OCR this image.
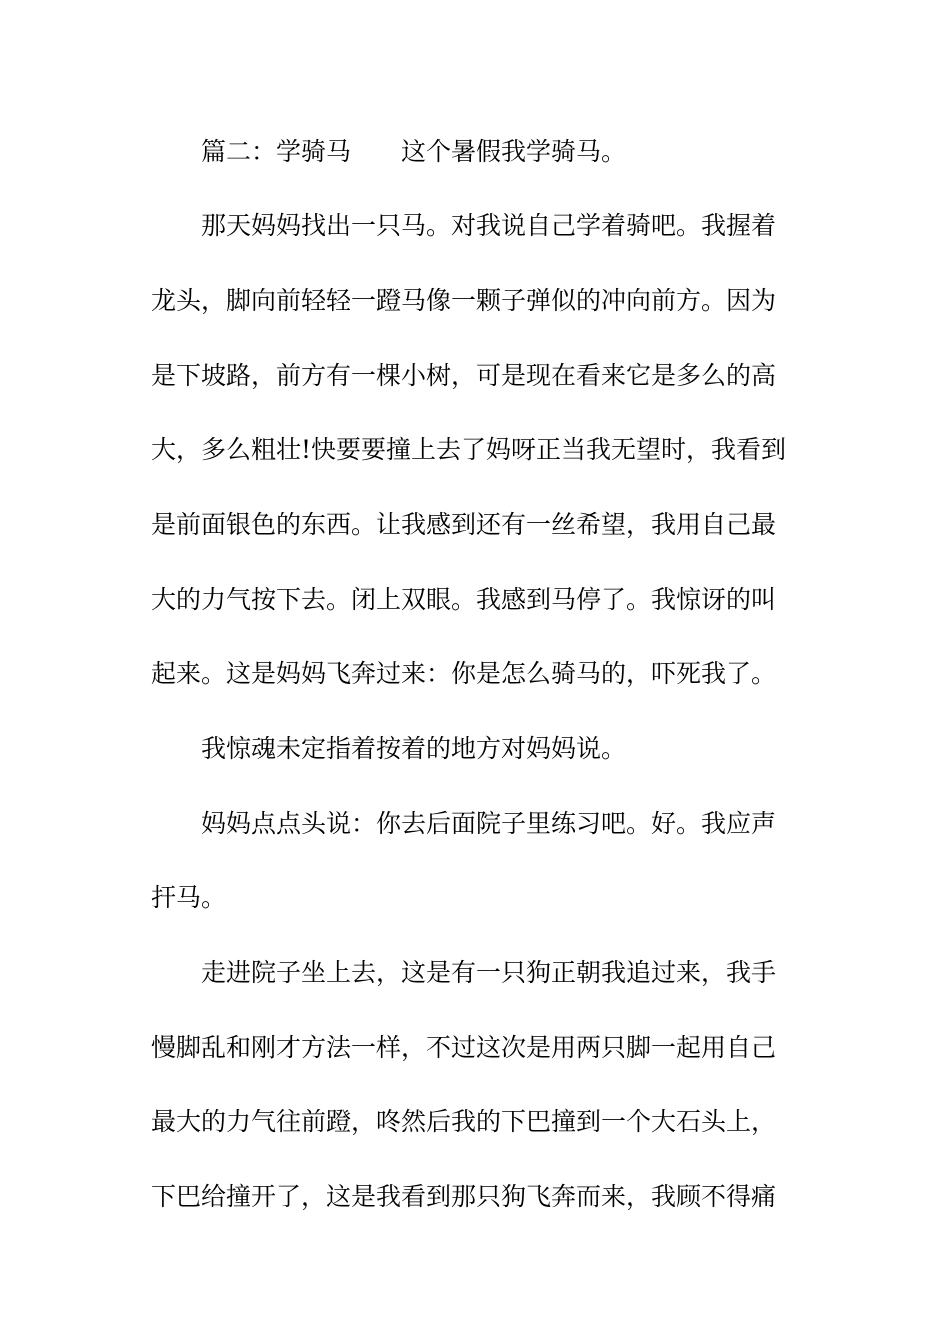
篇二：学骑马　　这个暑假我学骑马。
那天妈妈找出一只马。对我说自己学着骑吧。我握着
龙头，脚向前轻轻一蹬马像一颗子弹似的冲向前方。因为
是下坡路，前方有一棵小树，可是现在看来它是多么的高
大，多么粗壮!快要要撞上去了妈呀正当我无望时，我看到
是前面银色的东西。让我感到还有一丝希望，我用自己最
大的力气按下去。闭上双眼。我感到马停了。我惊讶的叫
起来。这是妈妈飞奔过来：你是怎么骑马的，吓死我了。
我惊魂未定指着按着的地方对妈妈说。
妈妈点点头说：你去后面院子里练习吧。好。我应声
扞马。
走进院子坐上去，这是有一只狗正朝我追过来，我手
慢脚乱和刚才方法一样，不过这次是用两只脚一起用自己
最大的力气往前蹬，咚然后我的下巴撞到一个大石头上，
下巴给撞开了，这是我看到那只狗飞奔而来，我顾不得痛
